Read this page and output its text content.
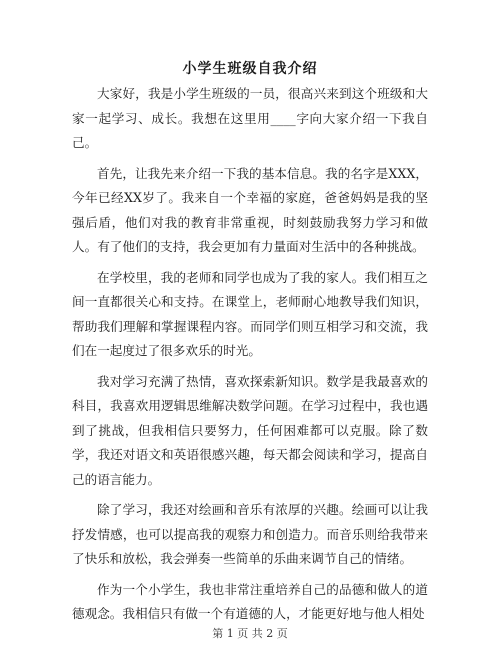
小学生班级自我介绍

大家好，我是小学生班级的一员，很高兴来到这个班级和大家一起学习、成长。我想在这里用____字向大家介绍一下我自己。

首先，让我先来介绍一下我的基本信息。我的名字是XXX，今年已经XX岁了。我来自一个幸福的家庭，爸爸妈妈是我的坚强后盾，他们对我的教育非常重视，时刻鼓励我努力学习和做人。有了他们的支持，我会更加有力量面对生活中的各种挑战。

在学校里，我的老师和同学也成为了我的家人。我们相互之间一直都很关心和支持。在课堂上，老师耐心地教导我们知识，帮助我们理解和掌握课程内容。而同学们则互相学习和交流，我们在一起度过了很多欢乐的时光。

我对学习充满了热情，喜欢探索新知识。数学是我最喜欢的科目，我喜欢用逻辑思维解决数学问题。在学习过程中，我也遇到了挑战，但我相信只要努力，任何困难都可以克服。除了数学，我还对语文和英语很感兴趣，每天都会阅读和学习，提高自己的语言能力。

除了学习，我还对绘画和音乐有浓厚的兴趣。绘画可以让我抒发情感，也可以提高我的观察力和创造力。而音乐则给我带来了快乐和放松，我会弹奏一些简单的乐曲来调节自己的情绪。

作为一个小学生，我也非常注重培养自己的品德和做人的道德观念。我相信只有做一个有道德的人，才能更好地与他人相处

第 1 页 共 2 页
